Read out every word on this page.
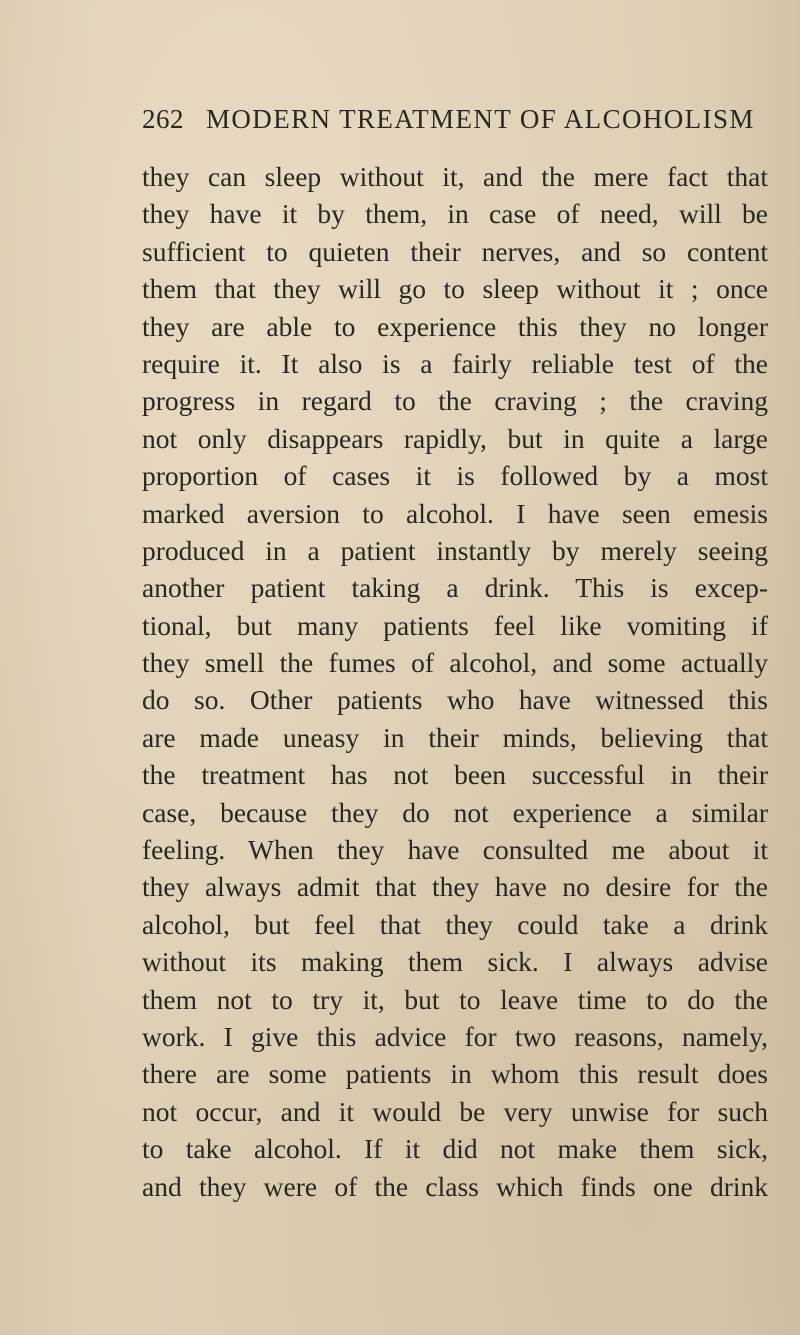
262 MODERN TREATMENT OF ALCOHOLISM
they can sleep without it, and the mere fact that
they have it by them, in case of need, will be
sufficient to quieten their nerves, and so content
them that they will go to sleep without it ; once
they are able to experience this they no longer
require it. It also is a fairly reliable test of the
progress in regard to the craving ; the craving
not only disappears rapidly, but in quite a large
proportion of cases it is followed by a most
marked aversion to alcohol. I have seen emesis
produced in a patient instantly by merely seeing
another patient taking a drink. This is excep-
tional, but many patients feel like vomiting if
they smell the fumes of alcohol, and some actually
do so. Other patients who have witnessed this
are made uneasy in their minds, believing that
the treatment has not been successful in their
case, because they do not experience a similar
feeling. When they have consulted me about it
they always admit that they have no desire for the
alcohol, but feel that they could take a drink
without its making them sick. I always advise
them not to try it, but to leave time to do the
work. I give this advice for two reasons, namely,
there are some patients in whom this result does
not occur, and it would be very unwise for such
to take alcohol. If it did not make them sick,
and they were of the class which finds one drink
